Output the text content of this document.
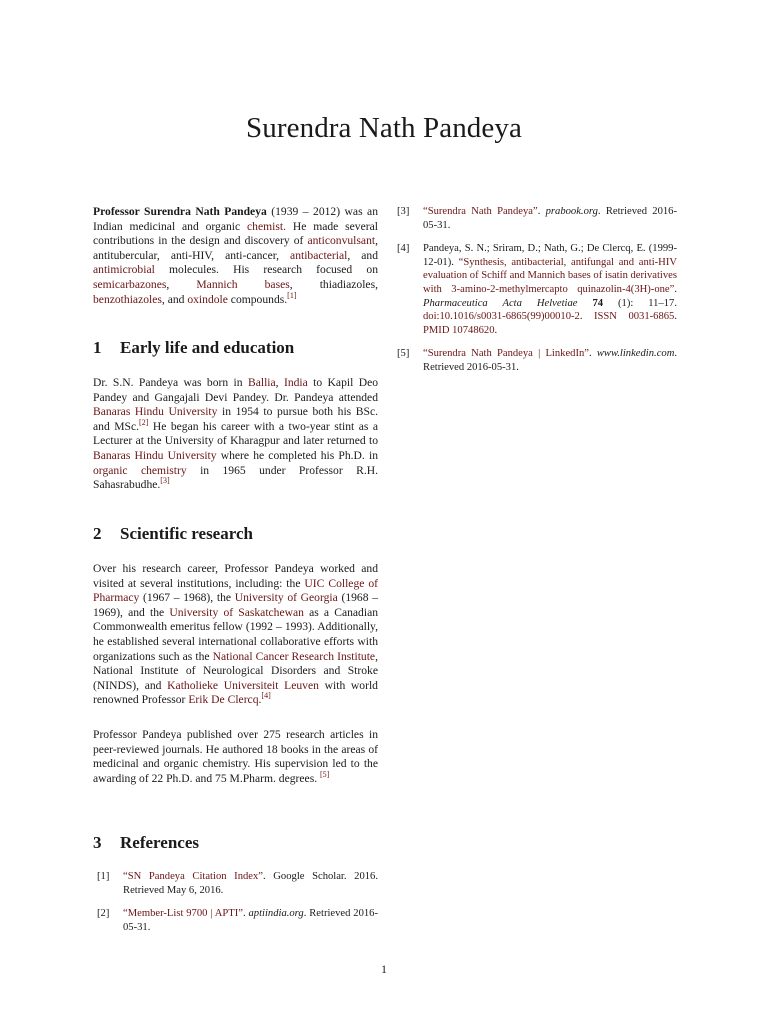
Surendra Nath Pandeya

Professor Surendra Nath Pandeya (1939 – 2012) was an Indian medicinal and organic chemist. He made several contributions in the design and discovery of anticonvulsant, antitubercular, anti-HIV, anti-cancer, antibacterial, and antimicrobial molecules. His research focused on semicarbazones, Mannich bases, thiadiazoles, benzothiazoles, and oxindole compounds.[1]

1 Early life and education

Dr. S.N. Pandeya was born in Ballia, India to Kapil Deo Pandey and Gangajali Devi Pandey. Dr. Pandeya attended Banaras Hindu University in 1954 to pursue both his BSc. and MSc.[2] He began his career with a two-year stint as a Lecturer at the University of Kharagpur and later returned to Banaras Hindu University where he completed his Ph.D. in organic chemistry in 1965 under Professor R.H. Sahasrabudhe.[3]

2 Scientific research

Over his research career, Professor Pandeya worked and visited at several institutions, including: the UIC College of Pharmacy (1967 – 1968), the University of Georgia (1968 – 1969), and the University of Saskatchewan as a Canadian Commonwealth emeritus fellow (1992 – 1993). Additionally, he established several international collaborative efforts with organizations such as the National Cancer Research Institute, National Institute of Neurological Disorders and Stroke (NINDS), and Katholieke Universiteit Leuven with world renowned Professor Erik De Clercq.[4]

Professor Pandeya published over 275 research articles in peer-reviewed journals. He authored 18 books in the areas of medicinal and organic chemistry. His supervision led to the awarding of 22 Ph.D. and 75 M.Pharm. degrees. [5]

3 References
[1] “SN Pandeya Citation Index”. Google Scholar. 2016. Retrieved May 6, 2016.
[2] “Member-List 9700 | APTI”. aptiindia.org. Retrieved 2016-05-31.
[3] “Surendra Nath Pandeya”. prabook.org. Retrieved 2016-05-31.
[4] Pandeya, S. N.; Sriram, D.; Nath, G.; De Clercq, E. (1999-12-01). “Synthesis, antibacterial, antifungal and anti-HIV evaluation of Schiff and Mannich bases of isatin derivatives with 3-amino-2-methylmercapto quinazolin-4(3H)-one”. Pharmaceutica Acta Helvetiae 74 (1): 11–17. doi:10.1016/s0031-6865(99)00010-2. ISSN 0031-6865. PMID 10748620.
[5] “Surendra Nath Pandeya | LinkedIn”. www.linkedin.com. Retrieved 2016-05-31.
1
